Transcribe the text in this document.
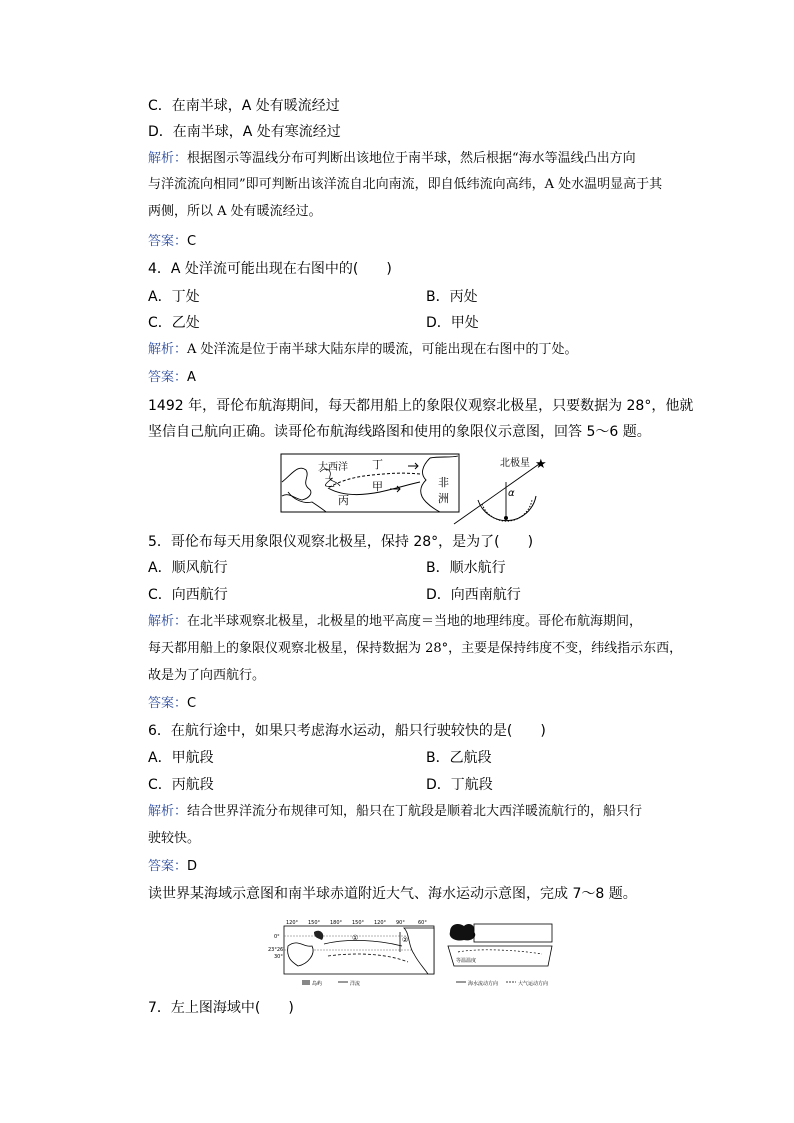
C．在南半球，A 处有暖流经过
D．在南半球，A 处有寒流经过
解析：根据图示等温线分布可判断出该地位于南半球，然后根据“海水等温线凸出方向
与洋流流向相同”即可判断出该洋流自北向南流，即自低纬流向高纬，A 处水温明显高于其
两侧，所以 A 处有暖流经过。
答案：C
4．A 处洋流可能出现在右图中的(　　)
A．丁处	B．丙处
C．乙处	D．甲处
解析：A 处洋流是位于南半球大陆东岸的暖流，可能出现在右图中的丁处。
答案：A
1492 年，哥伦布航海期间，每天都用船上的象限仪观察北极星，只要数据为 28°，他就
坚信自己航向正确。读哥伦布航海线路图和使用的象限仪示意图，回答 5～6 题。
大西洋 丁
甲
乙
丙
非
洲
北极星 ★
α
5．哥伦布每天用象限仪观察北极星，保持 28°，是为了(　　)
A．顺风航行	B．顺水航行
C．向西航行	D．向西南航行
解析：在北半球观察北极星，北极星的地平高度＝当地的地理纬度。哥伦布航海期间，
每天都用船上的象限仪观察北极星，保持数据为 28°，主要是保持纬度不变，纬线指示东西，
故是为了向西航行。
答案：C
6．在航行途中，如果只考虑海水运动，船只行驶较快的是(　　)
A．甲航段	B．乙航段
C．丙航段	D．丁航段
解析：结合世界洋流分布规律可知，船只在丁航段是顺着北大西洋暖流航行的，船只行
驶较快。
答案：D
读世界某海域示意图和南半球赤道附近大气、海水运动示意图，完成 7～8 题。
120° 150° 180° 150° 120° 90°	60°
0°
23°26′
30°
①	②
岛屿	洋流
等温温度
海水流动方向	大气运动方向
7．左上图海域中(　　)
